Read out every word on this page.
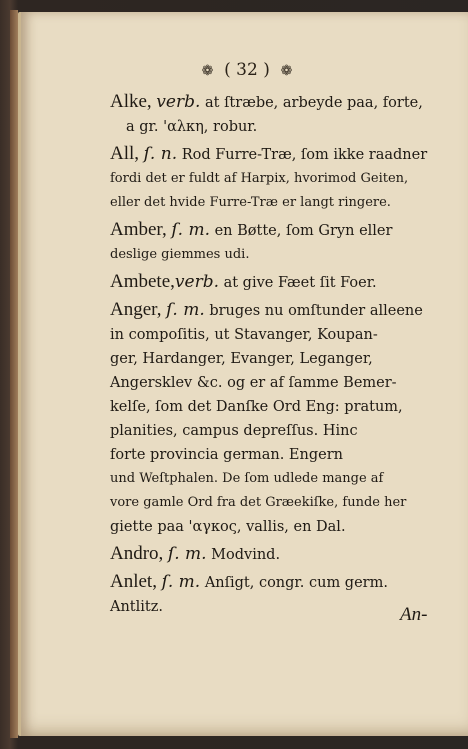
❁ ( 32 ) ❁
Alke, verb. at ſtræbe, arbeyde paa, forte,
a gr. 'αλκη, robur.
All, ſ. n. Rod Furre-Træ, ſom ikke raadner
fordi det er fuldt af Harpix, hvorimod Geiten,
eller det hvide Furre-Træ er langt ringere.
Amber, ſ. m. en Bøtte, ſom Gryn eller
deslige giemmes udi.
Ambete,verb. at give Fæet ſit Foer.
Anger, ſ. m. bruges nu omſtunder alleene
in compoſitis, ut Stavanger, Koupan-
ger, Hardanger, Evanger, Leganger,
Angersklev &c. og er af ſamme Bemer-
kelſe, ſom det Danſke Ord Eng: pratum,
planities, campus depreſſus. Hinc
forte provincia german. Engern
und Weſtphalen. De ſom udlede mange af
vore gamle Ord fra det Græekiſke, funde her
giette paa 'αγκος, vallis, en Dal.
Andro, ſ. m. Modvind.
Anlet, ſ. m. Anſigt, congr. cum germ.
Antlitz.	An-
